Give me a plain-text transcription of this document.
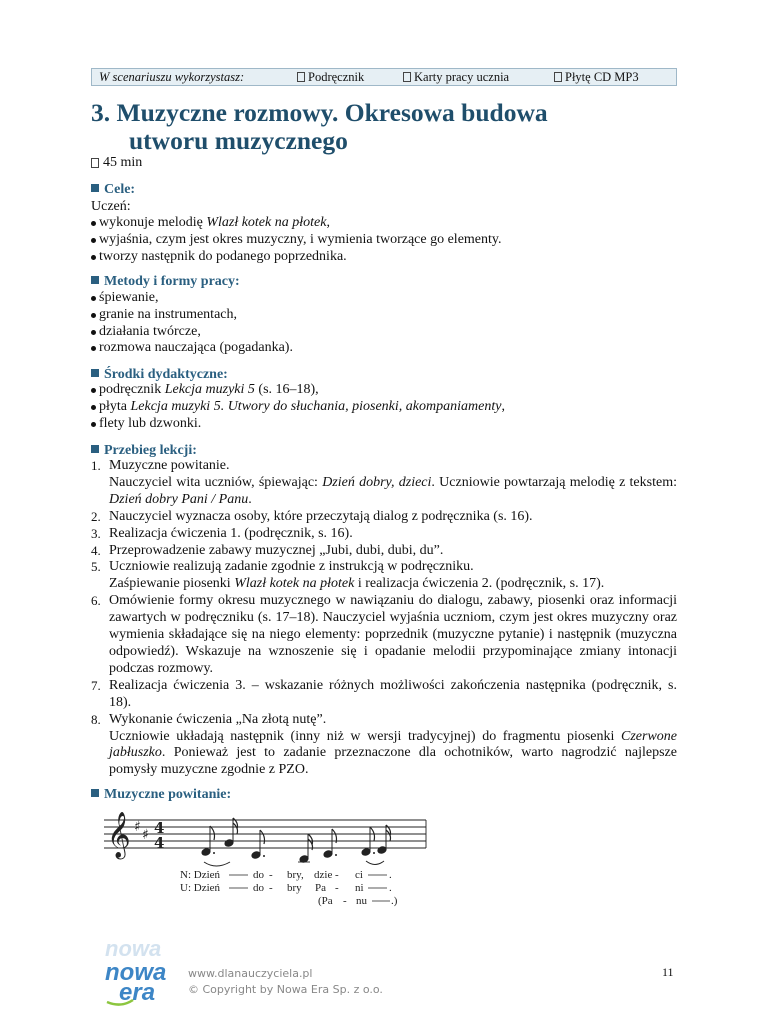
W scenariuszu wykorzystasz:	Podręcznik	Karty pracy ucznia	Płytę CD MP3
3. Muzyczne rozmowy. Okresowa budowa
utworu muzycznego
45 min
Cele:
Uczeń:
wykonuje melodię Wlazł kotek na płotek,
wyjaśnia, czym jest okres muzyczny, i wymienia tworzące go elementy.
tworzy następnik do podanego poprzednika.
Metody i formy pracy:
śpiewanie,
granie na instrumentach,
działania twórcze,
rozmowa nauczająca (pogadanka).
Środki dydaktyczne:
podręcznik Lekcja muzyki 5 (s. 16–18),
płyta Lekcja muzyki 5. Utwory do słuchania, piosenki, akompaniamenty,
flety lub dzwonki.
Przebieg lekcji:
1. Muzyczne powitanie.
Nauczyciel wita uczniów, śpiewając: Dzień dobry, dzieci. Uczniowie powtarzają melodię z tekstem: Dzień dobry Pani / Panu.
2. Nauczyciel wyznacza osoby, które przeczytają dialog z podręcznika (s. 16).
3. Realizacja ćwiczenia 1. (podręcznik, s. 16).
4. Przeprowadzenie zabawy muzycznej „Jubi, dubi, dubi, du”.
5. Uczniowie realizują zadanie zgodnie z instrukcją w podręczniku.
Zaśpiewanie piosenki Wlazł kotek na płotek i realizacja ćwiczenia 2. (podręcznik, s. 17).
6. Omówienie formy okresu muzycznego w nawiązaniu do dialogu, zabawy, piosenki oraz informacji zawartych w podręczniku (s. 17–18). Nauczyciel wyjaśnia uczniom, czym jest okres muzyczny oraz wymienia składające się na niego elementy: poprzednik (muzyczne pytanie) i następnik (muzyczna odpowiedź). Wskazuje na wznoszenie się i opadanie melodii przypominające zmiany intonacji podczas rozmowy.
7. Realizacja ćwiczenia 3. – wskazanie różnych możliwości zakończenia następnika (podręcznik, s. 18).
8. Wykonanie ćwiczenia „Na złotą nutę”.
Uczniowie układają następnik (inny niż w wersji tradycyjnej) do fragmentu piosenki Czerwone jabłuszko. Ponieważ jest to zadanie przeznaczone dla ochotników, warto nagrodzić najlepsze pomysły muzyczne zgodnie z PZO.
Muzyczne powitanie:
𝄞 ♯ ♯ 4
4
N: Dzień	do - bry, dzie - ci .
U: Dzień	do - bry Pa - ni .
(Pa - nu .)
nowa
nowa
era
www.dlanauczyciela.pl
© Copyright by Nowa Era Sp. z o.o.
11
